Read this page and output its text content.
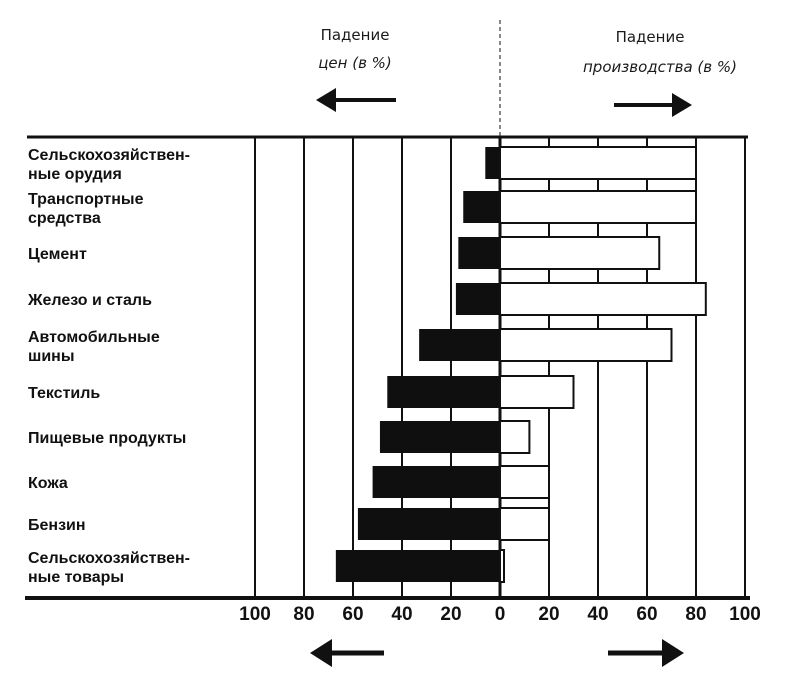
Падение
цен (в %)
Падение
производства (в %)
Сельскохозяйствен-ные орудия
Транспортные средства
Цемент
Железо и сталь
Автомобильные шины
Текстиль
Пищевые продукты
Кожа
Бензин
Сельскохозяйствен-ные товары
100 80 60 40 20 0 20 40 60 80 100
